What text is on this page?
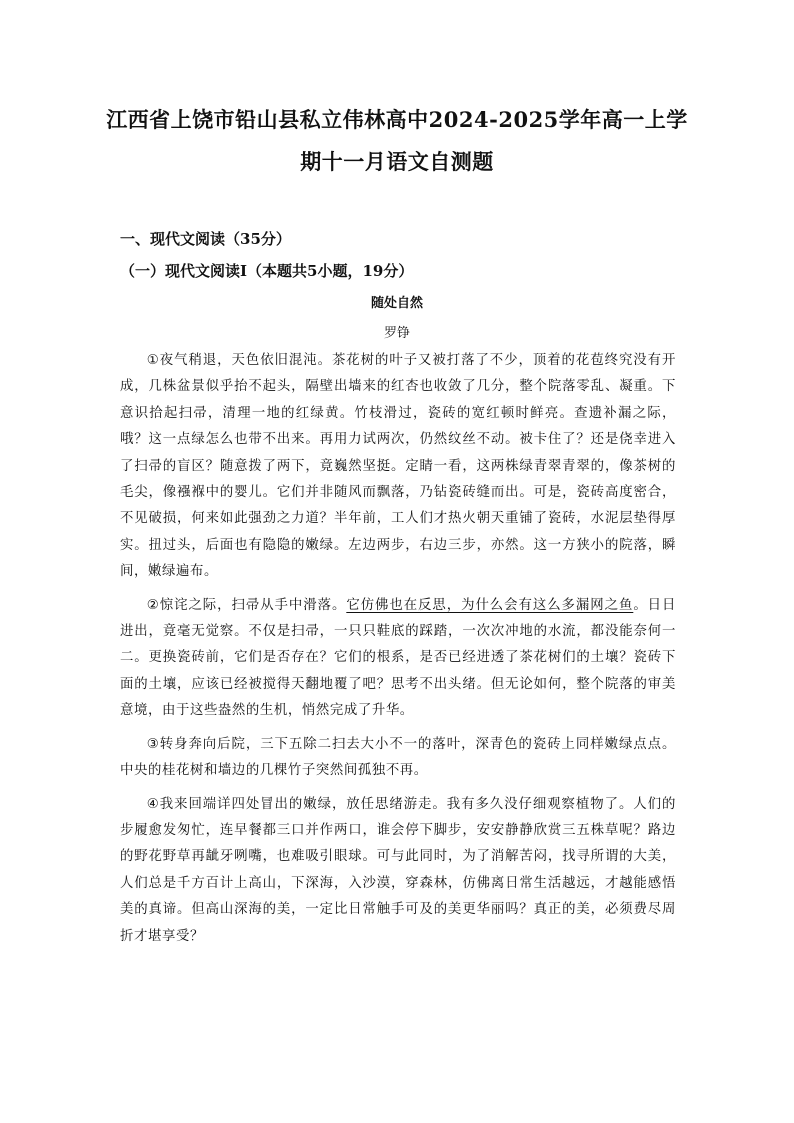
江西省上饶市铅山县私立伟林高中2024-2025学年高一上学
期十一月语文自测题
一、现代文阅读（35分）
（一）现代文阅读Ⅰ（本题共5小题，19分）
随处自然
罗铮

①夜气稍退，天色依旧混沌。茶花树的叶子又被打落了不少，顶着的花苞终究没有开成，几株盆景似乎抬不起头，隔壁出墙来的红杏也收敛了几分，整个院落零乱、凝重。下意识拾起扫帚，清理一地的红绿黄。竹枝滑过，瓷砖的宽红顿时鲜亮。查遗补漏之际，哦？这一点绿怎么也带不出来。再用力试两次，仍然纹丝不动。被卡住了？还是侥幸进入了扫帚的盲区？随意拨了两下，竟巍然坚挺。定睛一看，这两株绿青翠青翠的，像茶树的毛尖，像襁褓中的婴儿。它们并非随风而飘落，乃钻瓷砖缝而出。可是，瓷砖高度密合，不见破损，何来如此强劲之力道？半年前，工人们才热火朝天重铺了瓷砖，水泥层垫得厚实。扭过头，后面也有隐隐的嫩绿。左边两步，右边三步，亦然。这一方狭小的院落，瞬间，嫩绿遍布。

②惊诧之际，扫帚从手中滑落。它仿佛也在反思，为什么会有这么多漏网之鱼。日日进出，竟毫无觉察。不仅是扫帚，一只只鞋底的踩踏，一次次冲地的水流，都没能奈何一二。更换瓷砖前，它们是否存在？它们的根系，是否已经进透了茶花树们的土壤？瓷砖下面的土壤，应该已经被搅得天翻地覆了吧？思考不出头绪。但无论如何，整个院落的审美意境，由于这些盎然的生机，悄然完成了升华。

③转身奔向后院，三下五除二扫去大小不一的落叶，深青色的瓷砖上同样嫩绿点点。中央的桂花树和墙边的几棵竹子突然间孤独不再。

④我来回端详四处冒出的嫩绿，放任思绪游走。我有多久没仔细观察植物了。人们的步履愈发匆忙，连早餐都三口并作两口，谁会停下脚步，安安静静欣赏三五株草呢？路边的野花野草再龇牙咧嘴，也难吸引眼球。可与此同时，为了消解苦闷，找寻所谓的大美，人们总是千方百计上高山，下深海，入沙漠，穿森林，仿佛离日常生活越远，才越能感悟美的真谛。但高山深海的美，一定比日常触手可及的美更华丽吗？真正的美，必须费尽周折才堪享受？
